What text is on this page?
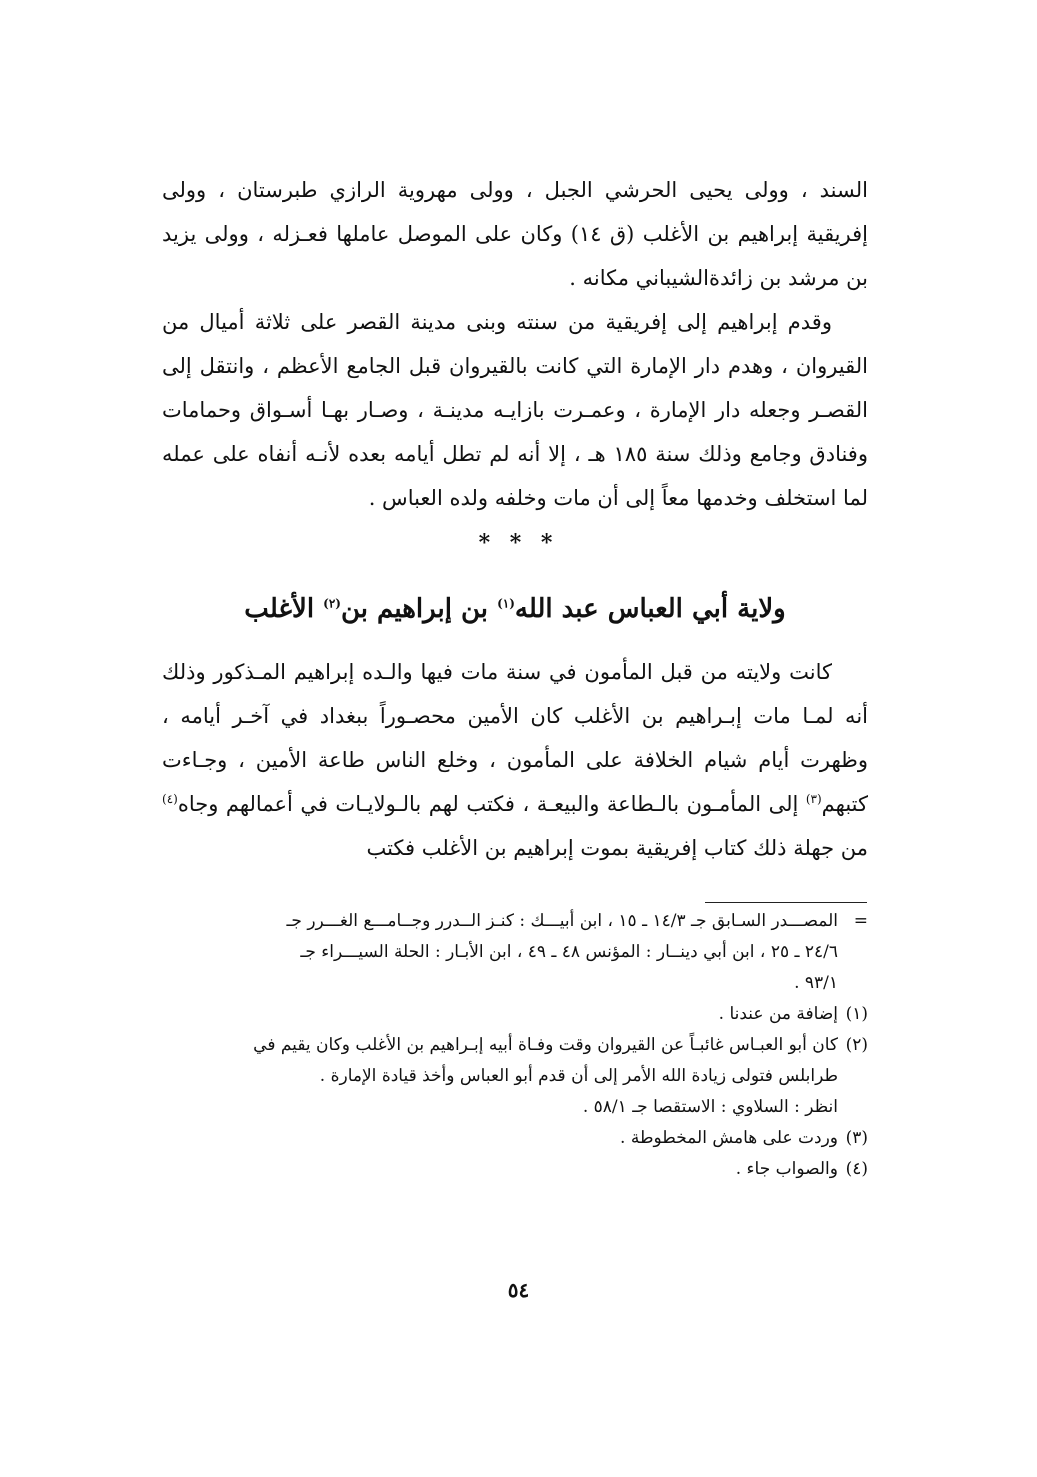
السند ، وولى يحيى الحرشي الجبل ، وولى مهروية الرازي طبرستان ، وولى إفريقية إبراهيم بن الأغلب (ق ١٤) وكان على الموصل عاملها فعـزله ، وولى يزيد بن مرشد بن زائدةالشيباني مكانه .

وقدم إبراهيم إلى إفريقية من سنته وبنى مدينة القصر على ثلاثة أميال من القيروان ، وهدم دار الإمارة التي كانت بالقيروان قبل الجامع الأعظم ، وانتقل إلى القصـر وجعله دار الإمارة ، وعمـرت بازايـه مدينـة ، وصـار بهـا أسـواق وحمامات وفنادق وجامع وذلك سنة ١٨٥ هـ ، إلا أنه لم تطل أيامه بعده لأنـه أنفاه على عمله لما استخلف وخدمها معاً إلى أن مات وخلفه ولده العباس .

* * *
ولاية أبي العباس عبد الله$^{(١)}$ بن إبراهيم بن$^{(٢)}$ الأغلب

كانت ولايته من قبل المأمون في سنة مات فيها والـده إبراهيم المـذكور وذلك أنه لمـا مات إبـراهيم بن الأغلب كان الأمين محصـوراً ببغداد في آخـر أيامه ، وظهرت أيام شيام الخلافة على المأمون ، وخلع الناس طاعة الأمين ، وجـاءت كتبهم$^{(٣)}$ إلى المأمـون بالـطاعة والبيعـة ، فكتب لهم بالـولايـات في أعمالهم وجاه$^{(٤)}$ من جهلة ذلك كتاب إفريقية بموت إبراهيم بن الأغلب فكتب

=المصـــدر السـابق جـ ١٤/٣ ـ ١٥ ، ابن أبيـــك : كنـز الــدرر وجــامـــع الغـــرر جـ
٢٤/٦ ـ ٢٥ ، ابن أبي دينــار : المؤنس ٤٨ ـ ٤٩ ، ابن الأبـار : الحلة السيـــراء جـ
٩٣/١ .
(١)إضافة من عندنا .
(٢)كان أبو العبـاس غائبـاً عن القيروان وقت وفـاة أبيه إبـراهيم بن الأغلب وكان يقيم في
طرابلس فتولى زيادة الله الأمر إلى أن قدم أبو العباس وأخذ قيادة الإمارة .
انظر : السلاوي : الاستقصا جـ ٥٨/١ .
(٣)وردت على هامش المخطوطة .
(٤)والصواب جاء .
٥٤
